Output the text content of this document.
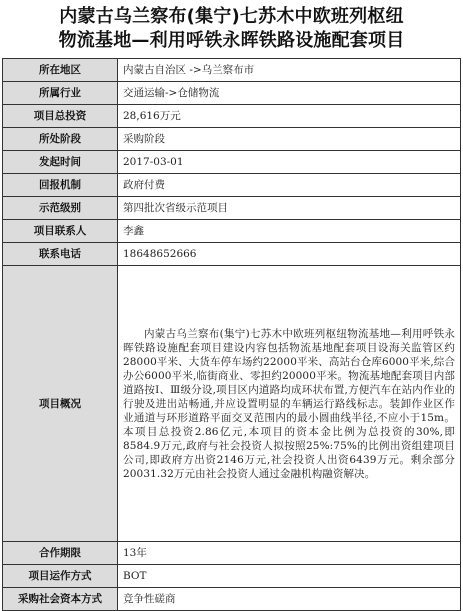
内蒙古乌兰察布(集宁)七苏木中欧班列枢纽
物流基地—利用呼铁永晖铁路设施配套项目
所在地区	内蒙古自治区 ->乌兰察布市
所属行业	交通运输->仓储物流
项目总投资	28,616万元
所处阶段	采购阶段
发起时间	2017-03-01
回报机制	政府付费
示范级别	第四批次省级示范项目
项目联系人	李鑫
联系电话	18648652666
项目概况	内蒙古乌兰察布(集宁)七苏木中欧班列枢纽物流基地—利用呼铁永晖铁路设施配套项目建设内容包括物流基地配套项目设海关监管区约28000平米、大货车停车场约22000平米、高站台仓库6000平米,综合办公6000平米,临街商业、零担约20000平米。物流基地配套项目内部道路按Ⅰ、Ⅲ级分设,项目区内道路均成环状布置,方便汽车在站内作业的行驶及进出站畅通,并应设置明显的车辆运行路线标志。装卸作业区作业通道与环形道路平面交叉范围内的最小圆曲线半径,不应小于15m。本项目总投资2.86亿元,本项目的资本金比例为总投资的30%,即8584.9万元,政府与社会投资人拟按照25%:75%的比例出资组建项目公司,即政府方出资2146万元,社会投资人出资6439万元。剩余部分20031.32万元由社会投资人通过金融机构融资解决。
合作期限	13年
项目运作方式	BOT
采购社会资本方式	竞争性磋商
